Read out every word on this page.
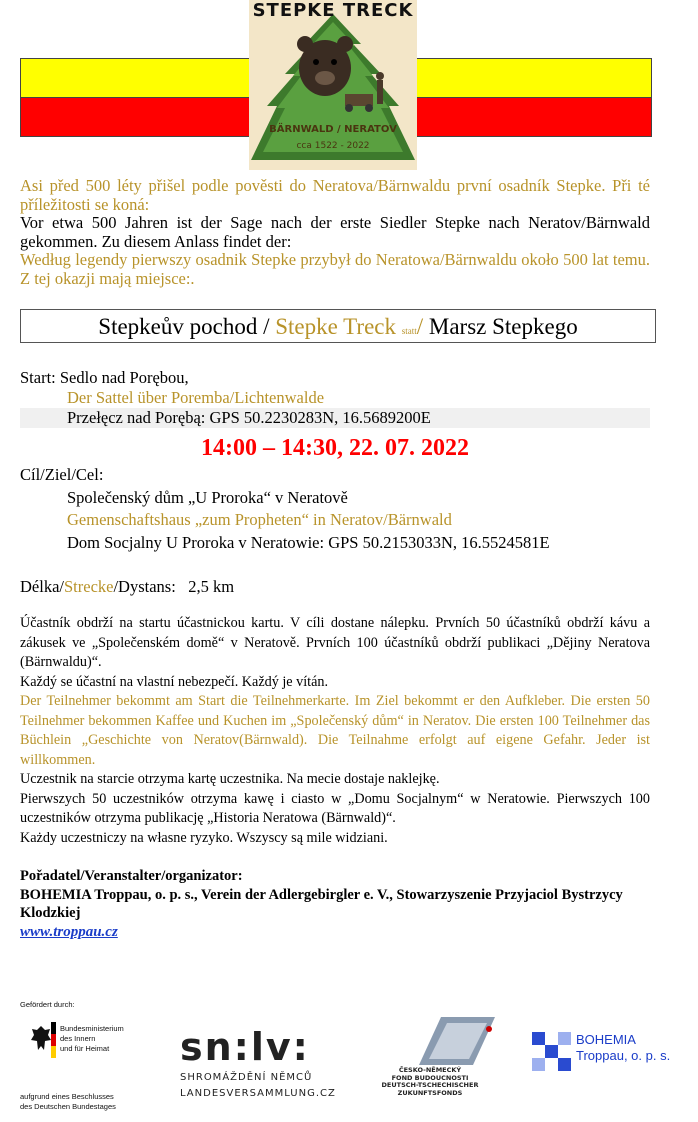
STEPKE TRECK
BÄRNWALD / NERATOV
cca 1522 - 2022

Asi před 500 léty přišel podle pověsti do Neratova/Bärnwaldu první osadník Stepke. Při té příležitosti se koná:

Vor etwa 500 Jahren ist der Sage nach der erste Siedler Stepke nach Neratov/Bärnwald gekommen. Zu diesem Anlass findet der:

Według legendy pierwszy osadnik Stepke przybył do Neratowa/Bärnwaldu około 500 lat temu. Z tej okazji mają miejsce:.

Stepkeův pochod / Stepke Treck statt/ Marsz Stepkego
Start: Sedlo nad Porębou,
Der Sattel über Poremba/Lichtenwalde
Przełęcz nad Porębą: GPS 50.2230283N, 16.5689200E
14:00 – 14:30, 22. 07. 2022
Cíl/Ziel/Cel:
Společenský dům „U Proroka“ v Neratově
Gemenschaftshaus „zum Propheten“ in Neratov/Bärnwald
Dom Socjalny U Proroka v Neratowie: GPS 50.2153033N, 16.5524581E
Délka/Strecke/Dystans: 2,5 km

Účastník obdrží na startu účastnickou kartu. V cíli dostane nálepku. Prvních 50 účastníků obdrží kávu a zákusek ve „Společenském domě“ v Neratově. Prvních 100 účastníků obdrží publikaci „Dějiny Neratova (Bärnwaldu)“.

Každý se účastní na vlastní nebezpečí. Každý je vítán.

Der Teilnehmer bekommt am Start die Teilnehmerkarte. Im Ziel bekommt er den Aufkleber. Die ersten 50 Teilnehmer bekommen Kaffee und Kuchen im „Společenský dům“ in Neratov. Die ersten 100 Teilnehmer das Büchlein „Geschichte von Neratov(Bärnwald). Die Teilnahme erfolgt auf eigene Gefahr. Jeder ist willkommen.

Uczestnik na starcie otrzyma kartę uczestnika. Na mecie dostaje naklejkę.

Pierwszych 50 uczestników otrzyma kawę i ciasto w „Domu Socjalnym“ w Neratowie. Pierwszych 100 uczestników otrzyma publikację „Historia Neratowa (Bärnwald)“.

Każdy uczestniczy na własne ryzyko. Wszyscy są mile widziani.

Pořadatel/Veranstalter/organizator:
BOHEMIA Troppau, o. p. s., Verein der Adlergebirgler e. V., Stowarzyszenie Przyjaciol Bystrzycy Klodzkiej
www.troppau.cz
Gefördert durch:
Bundesministerium
des Innern
und für Heimat
aufgrund eines Beschlusses
des Deutschen Bundestages
sn:lv:
SHROMÁŽDĚNÍ NĚMCŮ
LANDESVERSAMMLUNG.CZ
ČESKO-NĚMECKÝ
FOND BUDOUCNOSTI
DEUTSCH-TSCHECHISCHER
ZUKUNFTSFONDS
BOHEMIA
Troppau, o. p. s.
